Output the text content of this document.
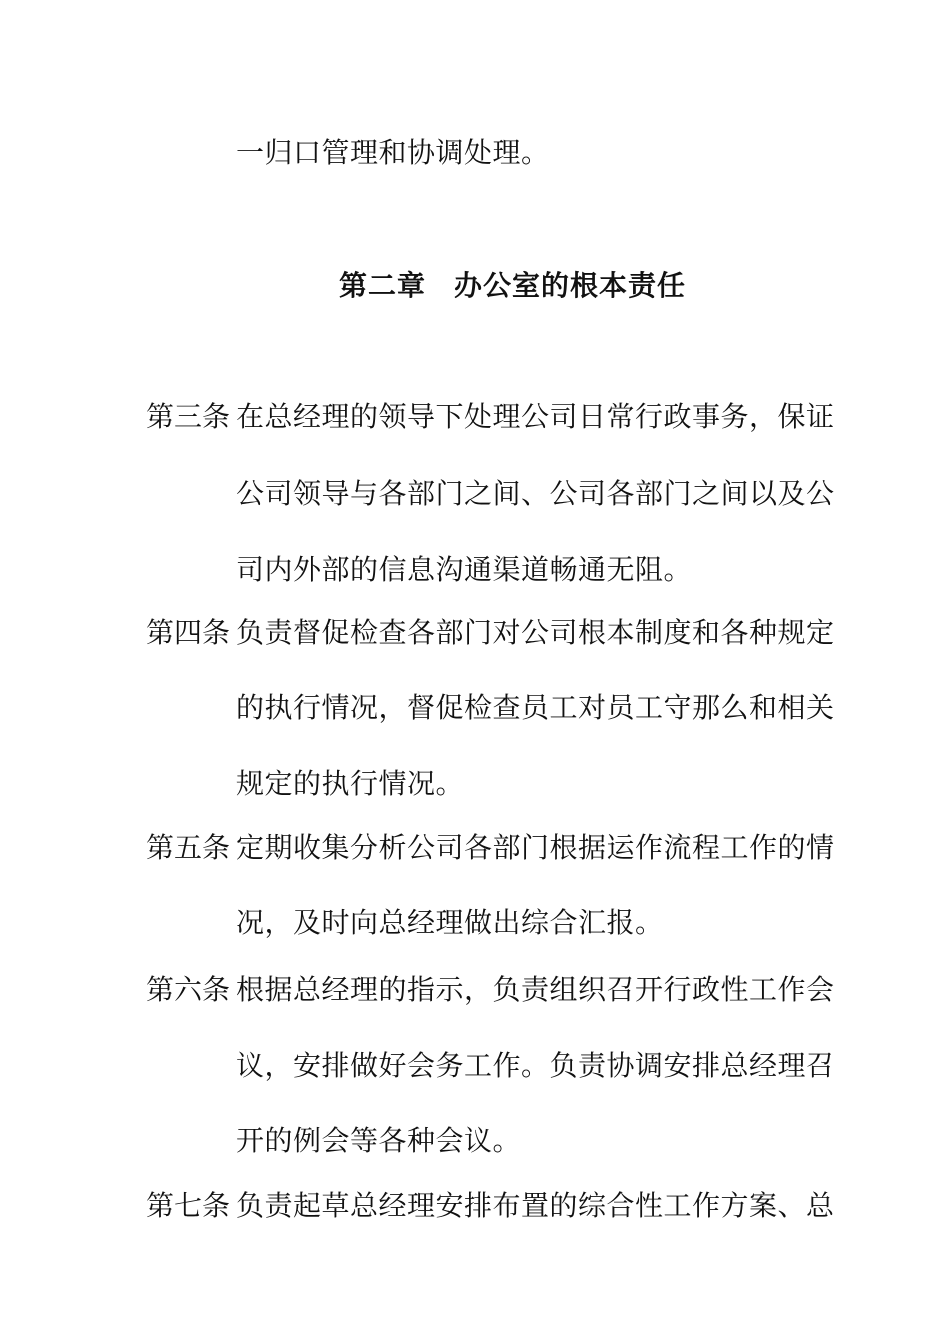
一归口管理和协调处理。
第二章 办公室的根本责任
第三条 在总经理的领导下处理公司日常行政事务，保证
公司领导与各部门之间、公司各部门之间以及公
司内外部的信息沟通渠道畅通无阻。
第四条 负责督促检查各部门对公司根本制度和各种规定
的执行情况，督促检查员工对员工守那么和相关
规定的执行情况。
第五条 定期收集分析公司各部门根据运作流程工作的情
况，及时向总经理做出综合汇报。
第六条 根据总经理的指示，负责组织召开行政性工作会
议，安排做好会务工作。负责协调安排总经理召
开的例会等各种会议。
第七条 负责起草总经理安排布置的综合性工作方案、总
